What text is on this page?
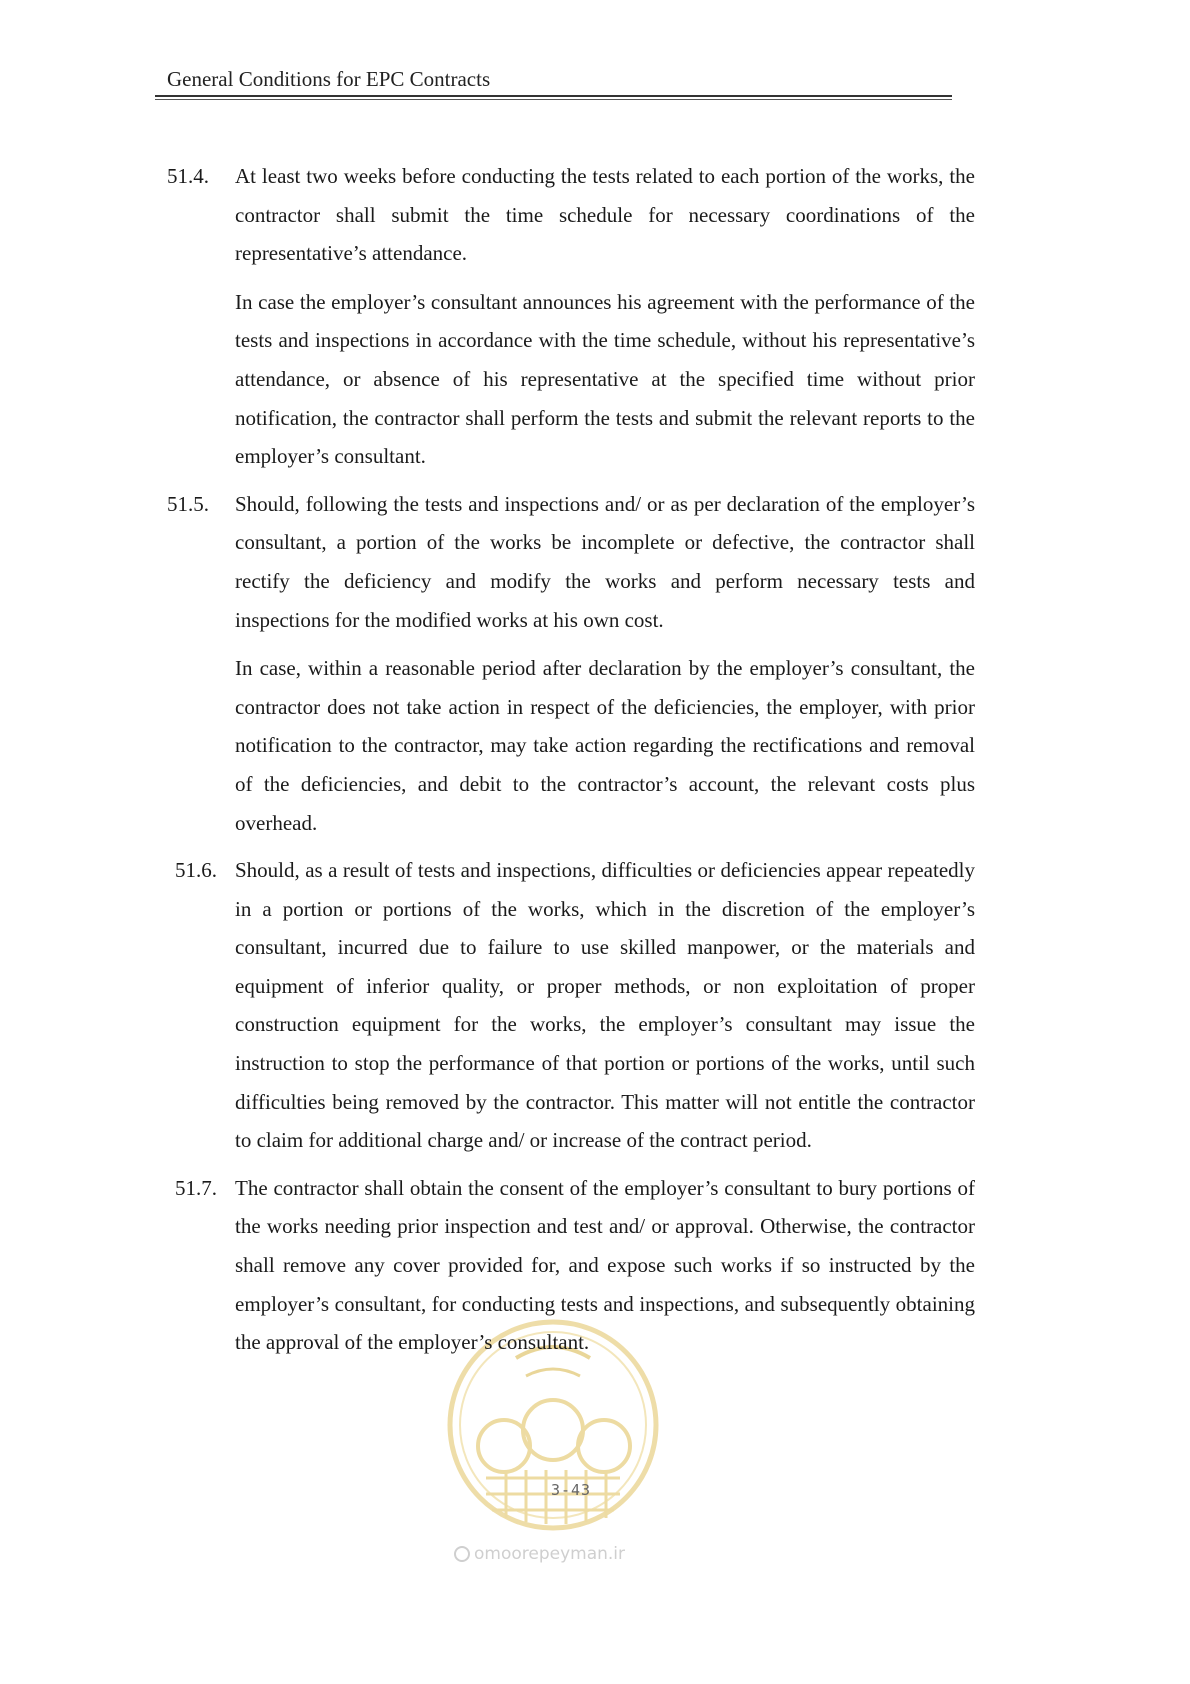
General Conditions for EPC Contracts
51.4.	At least two weeks before conducting the tests related to each portion of the works, the contractor shall submit the time schedule for necessary coordinations of the representative’s attendance.

In case the employer’s consultant announces his agreement with the performance of the tests and inspections in accordance with the time schedule, without his representative’s attendance, or absence of his representative at the specified time without prior notification, the contractor shall perform the tests and submit the relevant reports to the employer’s consultant.

51.5.	Should, following the tests and inspections and/ or as per declaration of the employer’s consultant, a portion of the works be incomplete or defective, the contractor shall rectify the deficiency and modify the works and perform necessary tests and inspections for the modified works at his own cost.

In case, within a reasonable period after declaration by the employer’s consultant, the contractor does not take action in respect of the deficiencies, the employer, with prior notification to the contractor, may take action regarding the rectifications and removal of the deficiencies, and debit to the contractor’s account, the relevant costs plus overhead.

51.6. Should, as a result of tests and inspections, difficulties or deficiencies appear repeatedly in a portion or portions of the works, which in the discretion of the employer’s consultant, incurred due to failure to use skilled manpower, or the materials and equipment of inferior quality, or proper methods, or non exploitation of proper construction equipment for the works, the employer’s consultant may issue the instruction to stop the performance of that portion or portions of the works, until such difficulties being removed by the contractor. This matter will not entitle the contractor to claim for additional charge and/ or increase of the contract period.

51.7. The contractor shall obtain the consent of the employer’s consultant to bury portions of the works needing prior inspection and test and/ or approval. Otherwise, the contractor shall remove any cover provided for, and expose such works if so instructed by the employer’s consultant, for conducting tests and inspections, and subsequently obtaining the approval of the employer’s consultant.

3-43
omoorepeyman.ir
